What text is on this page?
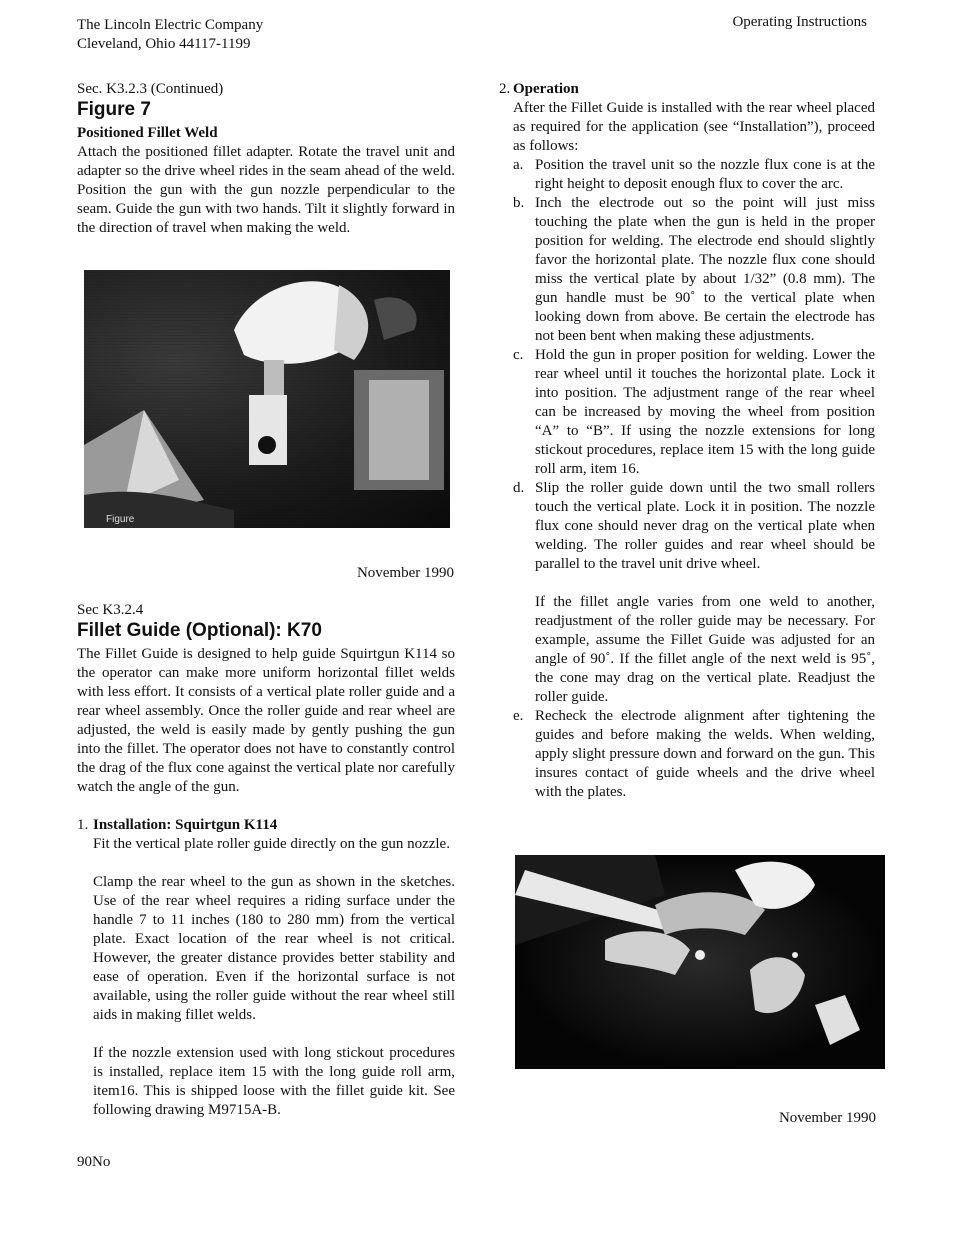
The Lincoln Electric Company
Cleveland, Ohio 44117-1199
Operating Instructions
Sec. K3.2.3 (Continued)
Figure 7
Positioned Fillet Weld
Attach the positioned fillet adapter. Rotate the travel unit and adapter so the drive wheel rides in the seam ahead of the weld. Position the gun with the gun nozzle perpendicular to the seam. Guide the gun with two hands. Tilt it slightly forward in the direction of travel when making the weld.
Figure
November 1990
Sec K3.2.4
Fillet Guide (Optional): K70
The Fillet Guide is designed to help guide Squirtgun K114 so the operator can make more uniform horizontal fillet welds with less effort. It consists of a vertical plate roller guide and a rear wheel assembly. Once the roller guide and rear wheel are adjusted, the weld is easily made by gently pushing the gun into the fillet. The operator does not have to constantly control the drag of the flux cone against the vertical plate nor carefully watch the angle of the gun.
1. Installation: Squirtgun K114
Fit the vertical plate roller guide directly on the gun nozzle.
Clamp the rear wheel to the gun as shown in the sketches. Use of the rear wheel requires a riding surface under the handle 7 to 11 inches (180 to 280 mm) from the vertical plate. Exact location of the rear wheel is not critical. However, the greater distance provides better stability and ease of operation. Even if the horizontal surface is not available, using the roller guide without the rear wheel still aids in making fillet welds.
If the nozzle extension used with long stickout procedures is installed, replace item 15 with the long guide roll arm, item16. This is shipped loose with the fillet guide kit. See following drawing M9715A-B.
90No
2. Operation
After the Fillet Guide is installed with the rear wheel placed as required for the application (see “Installation”), proceed as follows:
a. Position the travel unit so the nozzle flux cone is at the right height to deposit enough flux to cover the arc.
b. Inch the electrode out so the point will just miss touching the plate when the gun is held in the proper position for welding. The electrode end should slightly favor the horizontal plate. The nozzle flux cone should miss the vertical plate by about 1/32” (0.8 mm). The gun handle must be 90˚ to the vertical plate when looking down from above. Be certain the electrode has not been bent when making these adjustments.
c. Hold the gun in proper position for welding. Lower the rear wheel until it touches the horizontal plate. Lock it into position. The adjustment range of the rear wheel can be increased by moving the wheel from position “A” to “B”. If using the nozzle extensions for long stickout procedures, replace item 15 with the long guide roll arm, item 16.
d. Slip the roller guide down until the two small rollers touch the vertical plate. Lock it in position. The nozzle flux cone should never drag on the vertical plate when welding. The roller guides and rear wheel should be parallel to the travel unit drive wheel.
If the fillet angle varies from one weld to another, readjustment of the roller guide may be necessary. For example, assume the Fillet Guide was adjusted for an angle of 90˚. If the fillet angle of the next weld is 95˚, the cone may drag on the vertical plate. Readjust the roller guide.
e. Recheck the electrode alignment after tightening the guides and before making the welds. When welding, apply slight pressure down and forward on the gun. This insures contact of guide wheels and the drive wheel with the plates.
November 1990
